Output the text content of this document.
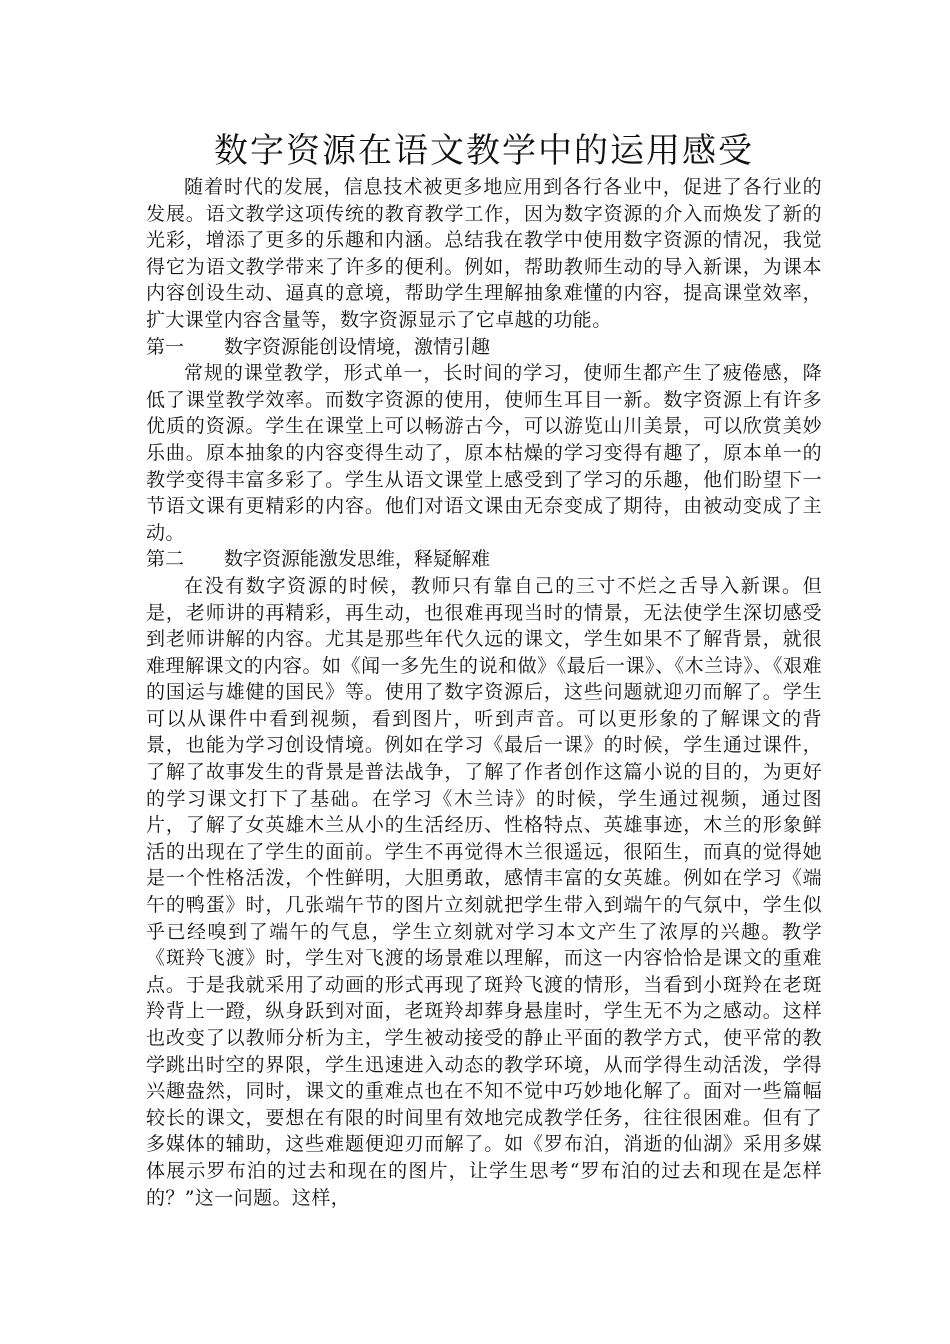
数字资源在语文教学中的运用感受

随着时代的发展，信息技术被更多地应用到各行各业中，促进了各行业的发展。语文教学这项传统的教育教学工作，因为数字资源的介入而焕发了新的光彩，增添了更多的乐趣和内涵。总结我在教学中使用数字资源的情况，我觉得它为语文教学带来了许多的便利。例如，帮助教师生动的导入新课，为课本内容创设生动、逼真的意境，帮助学生理解抽象难懂的内容，提高课堂效率，扩大课堂内容含量等，数字资源显示了它卓越的功能。

第一 数字资源能创设情境，激情引趣

常规的课堂教学，形式单一，长时间的学习，使师生都产生了疲倦感，降低了课堂教学效率。而数字资源的使用，使师生耳目一新。数字资源上有许多优质的资源。学生在课堂上可以畅游古今，可以游览山川美景，可以欣赏美妙乐曲。原本抽象的内容变得生动了，原本枯燥的学习变得有趣了，原本单一的教学变得丰富多彩了。学生从语文课堂上感受到了学习的乐趣，他们盼望下一节语文课有更精彩的内容。他们对语文课由无奈变成了期待，由被动变成了主动。

第二 数字资源能激发思维，释疑解难

在没有数字资源的时候，教师只有靠自己的三寸不烂之舌导入新课。但是，老师讲的再精彩，再生动，也很难再现当时的情景，无法使学生深切感受到老师讲解的内容。尤其是那些年代久远的课文，学生如果不了解背景，就很难理解课文的内容。如《闻一多先生的说和做》《最后一课》、《木兰诗》、《艰难的国运与雄健的国民》等。使用了数字资源后，这些问题就迎刃而解了。学生可以从课件中看到视频，看到图片，听到声音。可以更形象的了解课文的背景，也能为学习创设情境。例如在学习《最后一课》的时候，学生通过课件，了解了故事发生的背景是普法战争，了解了作者创作这篇小说的目的，为更好的学习课文打下了基础。在学习《木兰诗》的时候，学生通过视频，通过图片，了解了女英雄木兰从小的生活经历、性格特点、英雄事迹，木兰的形象鲜活的出现在了学生的面前。学生不再觉得木兰很遥远，很陌生，而真的觉得她是一个性格活泼，个性鲜明，大胆勇敢，感情丰富的女英雄。例如在学习《端午的鸭蛋》时，几张端午节的图片立刻就把学生带入到端午的气氛中，学生似乎已经嗅到了端午的气息，学生立刻就对学习本文产生了浓厚的兴趣。教学《斑羚飞渡》时，学生对飞渡的场景难以理解，而这一内容恰恰是课文的重难点。于是我就采用了动画的形式再现了斑羚飞渡的情形，当看到小斑羚在老斑羚背上一蹬，纵身跃到对面，老斑羚却葬身悬崖时，学生无不为之感动。这样也改变了以教师分析为主，学生被动接受的静止平面的教学方式，使平常的教学跳出时空的界限，学生迅速进入动态的教学环境，从而学得生动活泼，学得兴趣盎然，同时，课文的重难点也在不知不觉中巧妙地化解了。面对一些篇幅较长的课文，要想在有限的时间里有效地完成教学任务，往往很困难。但有了多媒体的辅助，这些难题便迎刃而解了。如《罗布泊，消逝的仙湖》采用多媒体展示罗布泊的过去和现在的图片，让学生思考“罗布泊的过去和现在是怎样的？”这一问题。这样，
